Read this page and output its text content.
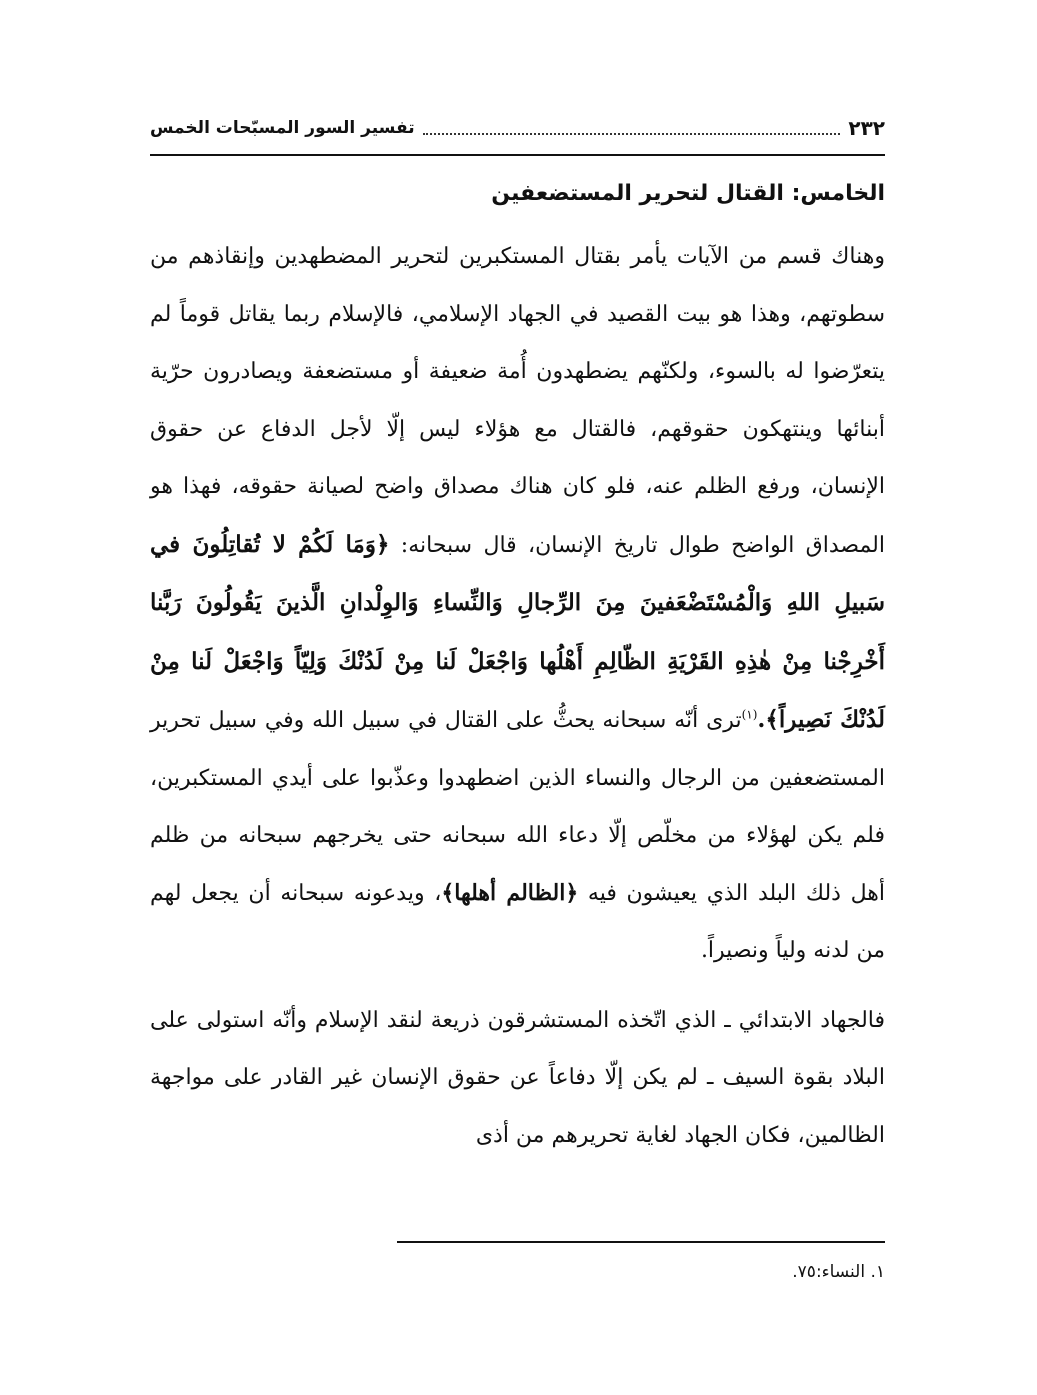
٢٣٢
تفسير السور المسبّحات الخمس
الخامس: القتال لتحرير المستضعفين

وهناك قسم من الآيات يأمر بقتال المستكبرين لتحرير المضطهدين وإنقاذهم من سطوتهم، وهذا هو بيت القصيد في الجهاد الإسلامي، فالإسلام ربما يقاتل قوماً لم يتعرّضوا له بالسوء، ولكنّهم يضطهدون أُمة ضعيفة أو مستضعفة ويصادرون حرّية أبنائها وينتهكون حقوقهم، فالقتال مع هؤلاء ليس إلّا لأجل الدفاع عن حقوق الإنسان، ورفع الظلم عنه، فلو كان هناك مصداق واضح لصيانة حقوقه، فهذا هو المصداق الواضح طوال تاريخ الإنسان، قال سبحانه: ﴿وَمَا لَكُمْ لا تُقاتِلُونَ في سَبيلِ اللهِ وَالْمُسْتَضْعَفينَ مِنَ الرِّجالِ وَالنِّساءِ وَالوِلْدانِ الَّذينَ يَقُولُونَ رَبَّنا أَخْرِجْنا مِنْ هٰذِهِ القَرْيَةِ الظّالِمِ أَهْلُها وَاجْعَلْ لَنا مِنْ لَدُنْكَ وَلِيّاً وَاجْعَلْ لَنا مِنْ لَدُنْكَ نَصِيراً﴾.$^{(١)}$ترى أنّه سبحانه يحثُّ على القتال في سبيل الله وفي سبيل تحرير المستضعفين من الرجال والنساء الذين اضطهدوا وعذّبوا على أيدي المستكبرين، فلم يكن لهؤلاء من مخلّص إلّا دعاء الله سبحانه حتى يخرجهم سبحانه من ظلم أهل ذلك البلد الذي يعيشون فيه ﴿الظالم أهلها﴾، ويدعونه سبحانه أن يجعل لهم من لدنه ولياً ونصيراً.

فالجهاد الابتدائي ـ الذي اتّخذه المستشرقون ذريعة لنقد الإسلام وأنّه استولى على البلاد بقوة السيف ـ لم يكن إلّا دفاعاً عن حقوق الإنسان غير القادر على مواجهة الظالمين، فكان الجهاد لغاية تحريرهم من أذى

١. النساء:٧٥.
